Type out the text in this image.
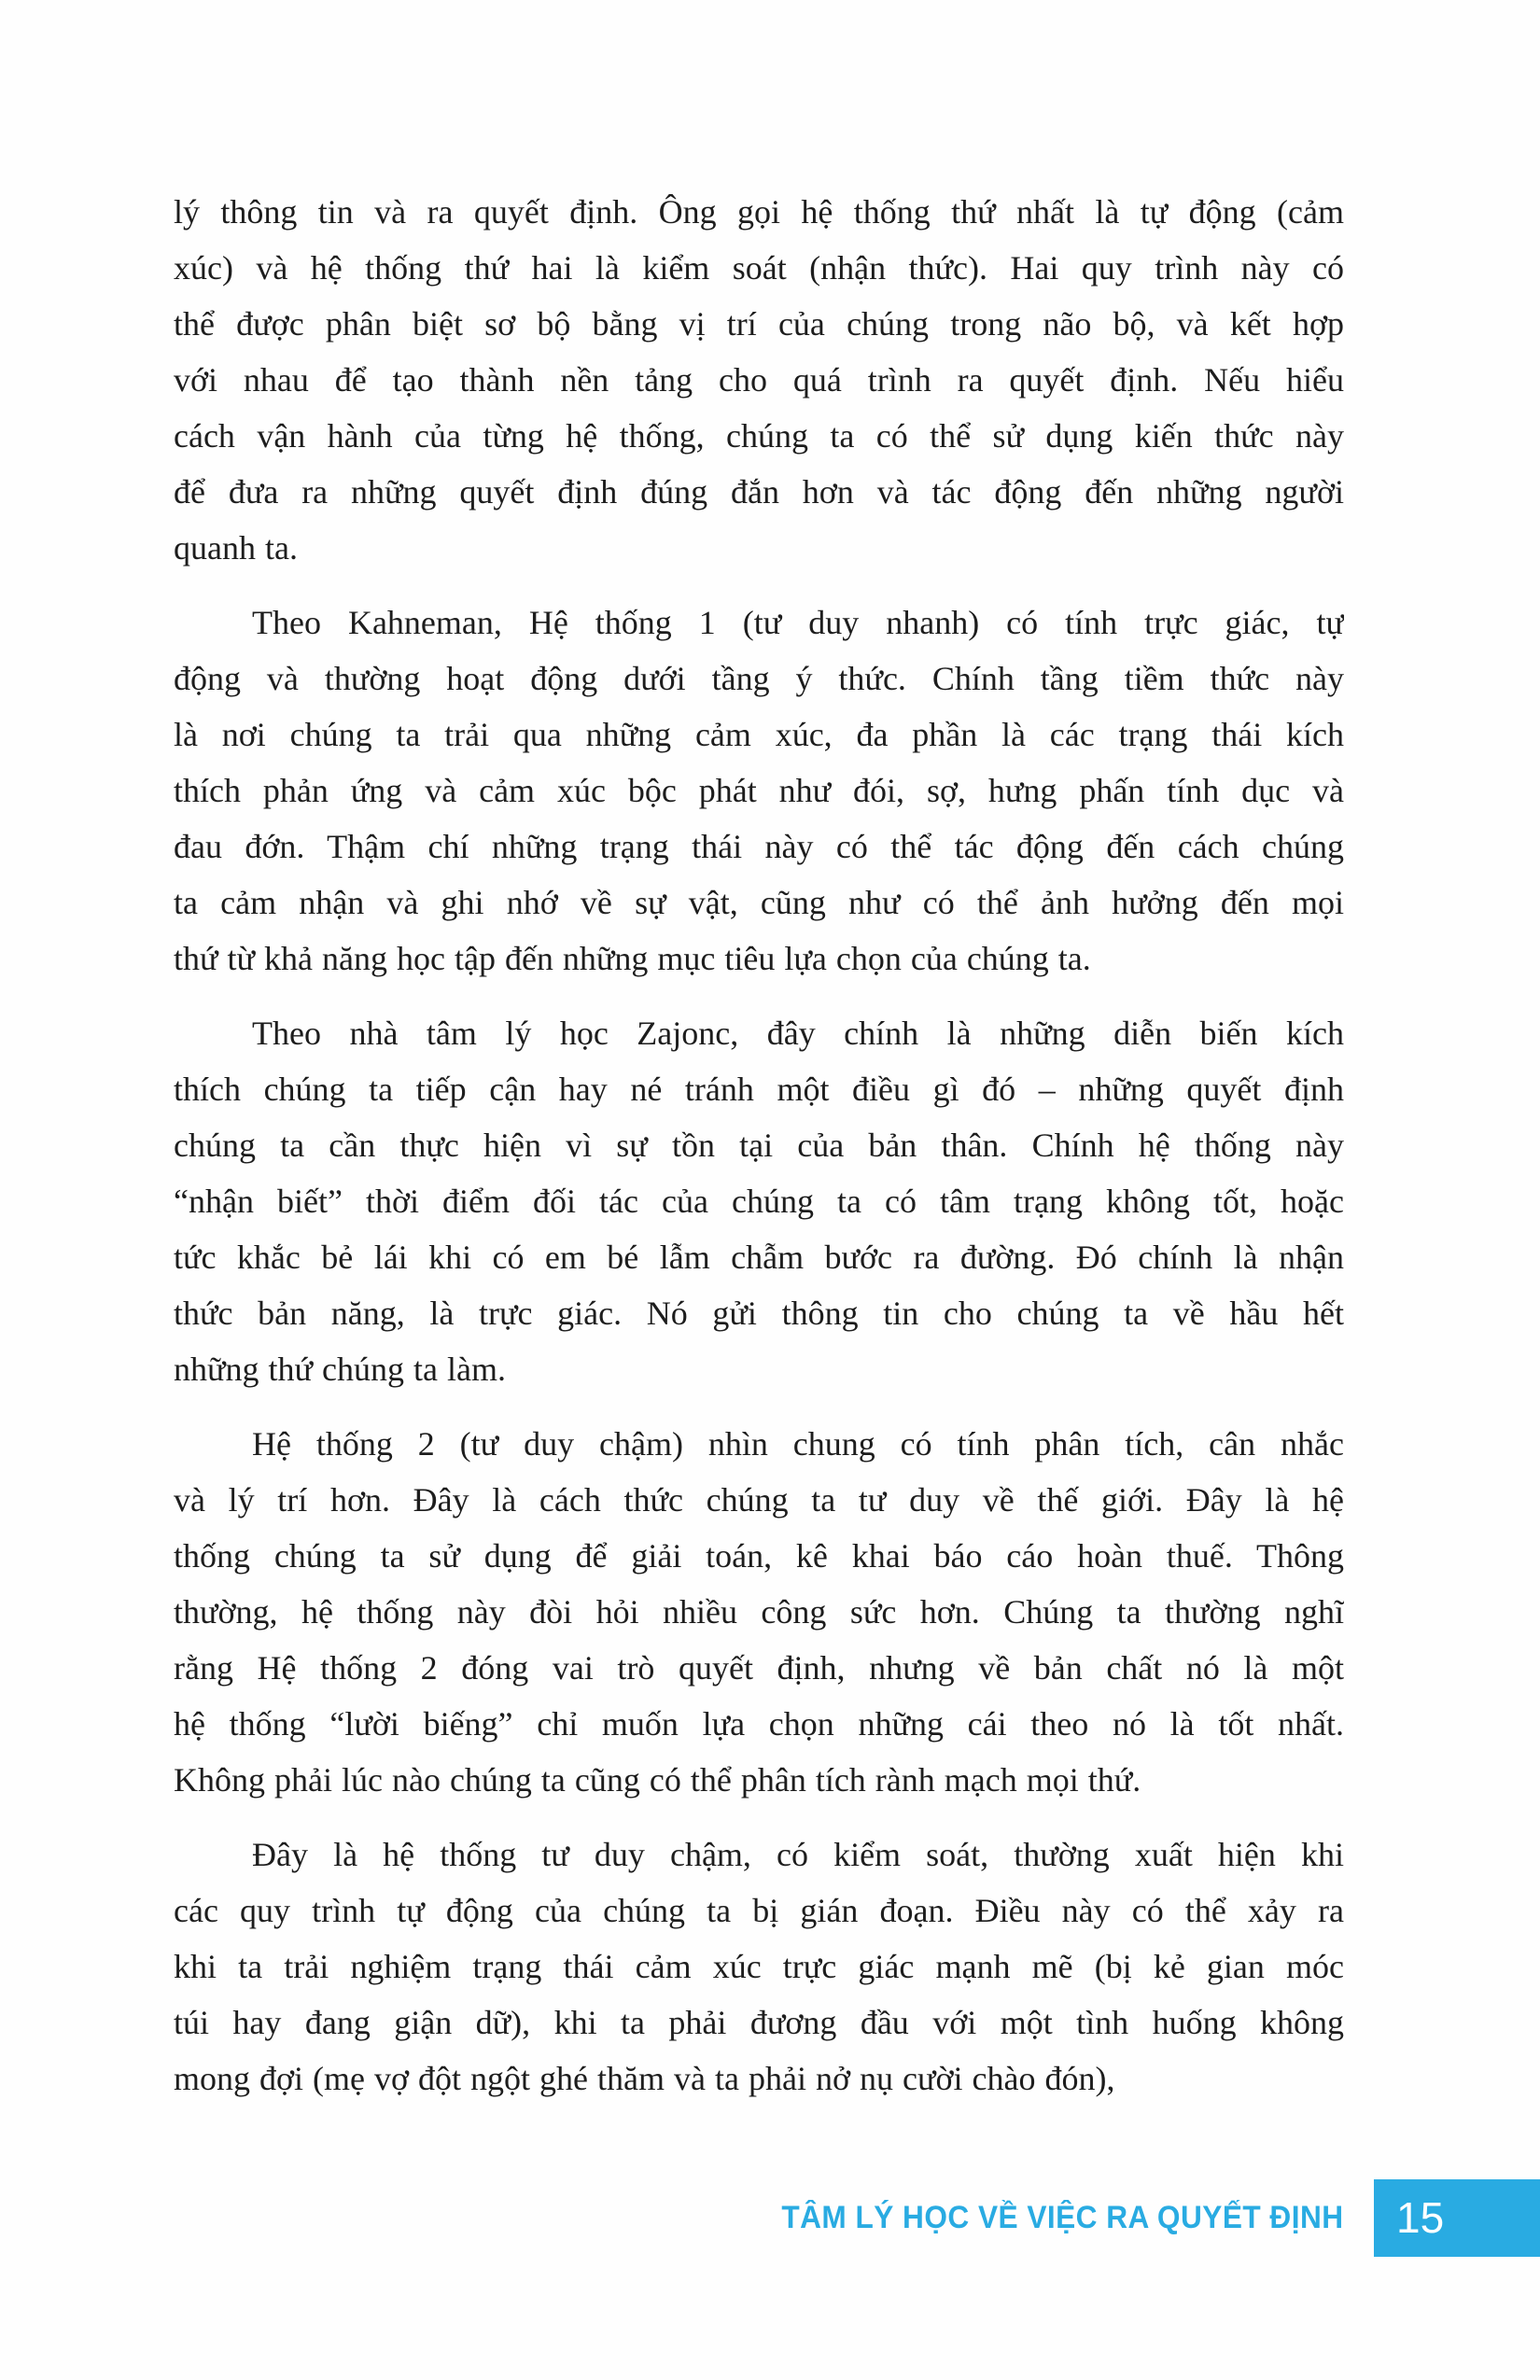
lý thông tin và ra quyết định. Ông gọi hệ thống thứ nhất là tự động (cảm
xúc) và hệ thống thứ hai là kiểm soát (nhận thức). Hai quy trình này có
thể được phân biệt sơ bộ bằng vị trí của chúng trong não bộ, và kết hợp
với nhau để tạo thành nền tảng cho quá trình ra quyết định. Nếu hiểu
cách vận hành của từng hệ thống, chúng ta có thể sử dụng kiến thức này
để đưa ra những quyết định đúng đắn hơn và tác động đến những người
quanh ta.
Theo Kahneman, Hệ thống 1 (tư duy nhanh) có tính trực giác, tự
động và thường hoạt động dưới tầng ý thức. Chính tầng tiềm thức này
là nơi chúng ta trải qua những cảm xúc, đa phần là các trạng thái kích
thích phản ứng và cảm xúc bộc phát như đói, sợ, hưng phấn tính dục và
đau đớn. Thậm chí những trạng thái này có thể tác động đến cách chúng
ta cảm nhận và ghi nhớ về sự vật, cũng như có thể ảnh hưởng đến mọi
thứ từ khả năng học tập đến những mục tiêu lựa chọn của chúng ta.
Theo nhà tâm lý học Zajonc, đây chính là những diễn biến kích
thích chúng ta tiếp cận hay né tránh một điều gì đó – những quyết định
chúng ta cần thực hiện vì sự tồn tại của bản thân. Chính hệ thống này
“nhận biết” thời điểm đối tác của chúng ta có tâm trạng không tốt, hoặc
tức khắc bẻ lái khi có em bé lẫm chẫm bước ra đường. Đó chính là nhận
thức bản năng, là trực giác. Nó gửi thông tin cho chúng ta về hầu hết
những thứ chúng ta làm.
Hệ thống 2 (tư duy chậm) nhìn chung có tính phân tích, cân nhắc
và lý trí hơn. Đây là cách thức chúng ta tư duy về thế giới. Đây là hệ
thống chúng ta sử dụng để giải toán, kê khai báo cáo hoàn thuế. Thông
thường, hệ thống này đòi hỏi nhiều công sức hơn. Chúng ta thường nghĩ
rằng Hệ thống 2 đóng vai trò quyết định, nhưng về bản chất nó là một
hệ thống “lười biếng” chỉ muốn lựa chọn những cái theo nó là tốt nhất.
Không phải lúc nào chúng ta cũng có thể phân tích rành mạch mọi thứ.
Đây là hệ thống tư duy chậm, có kiểm soát, thường xuất hiện khi
các quy trình tự động của chúng ta bị gián đoạn. Điều này có thể xảy ra
khi ta trải nghiệm trạng thái cảm xúc trực giác mạnh mẽ (bị kẻ gian móc
túi hay đang giận dữ), khi ta phải đương đầu với một tình huống không
mong đợi (mẹ vợ đột ngột ghé thăm và ta phải nở nụ cười chào đón),
TÂM LÝ HỌC VỀ VIỆC RA QUYẾT ĐỊNH	15
